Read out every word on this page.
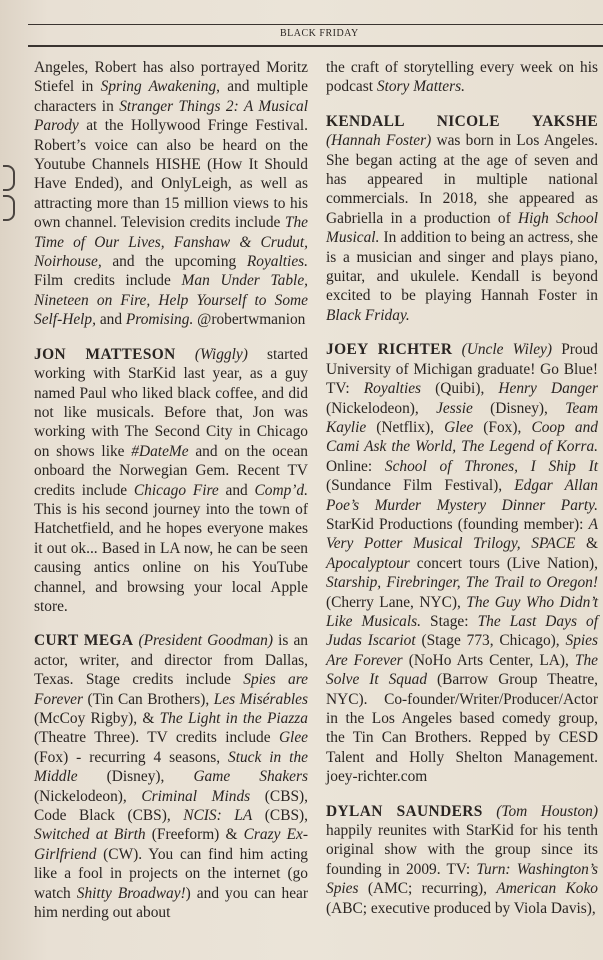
BLACK FRIDAY

Angeles, Robert has also portrayed Moritz Stiefel in Spring Awakening, and multiple characters in Stranger Things 2: A Musical Parody at the Hollywood Fringe Festival. Robert’s voice can also be heard on the Youtube Channels HISHE (How It Should Have Ended), and OnlyLeigh, as well as attracting more than 15 million views to his own channel. Television credits include The Time of Our Lives, Fanshaw & Crudut, Noirhouse, and the upcoming Royalties. Film credits include Man Under Table, Nineteen on Fire, Help Yourself to Some Self-Help, and Promising. @robertwmanion

JON MATTESON (Wiggly) started working with StarKid last year, as a guy named Paul who liked black coffee, and did not like musicals. Before that, Jon was working with The Second City in Chicago on shows like #DateMe and on the ocean onboard the Norwegian Gem. Recent TV credits include Chicago Fire and Comp’d. This is his second journey into the town of Hatchetfield, and he hopes everyone makes it out ok... Based in LA now, he can be seen causing antics online on his YouTube channel, and browsing your local Apple store.

CURT MEGA (President Goodman) is an actor, writer, and director from Dallas, Texas. Stage credits include Spies are Forever (Tin Can Brothers), Les Misérables (McCoy Rigby), & The Light in the Piazza (Theatre Three). TV credits include Glee (Fox) - recurring 4 seasons, Stuck in the Middle (Disney), Game Shakers (Nickelodeon), Criminal Minds (CBS), Code Black (CBS), NCIS: LA (CBS), Switched at Birth (Freeform) & Crazy Ex-Girlfriend (CW). You can find him acting like a fool in projects on the internet (go watch Shitty Broadway!) and you can hear him nerding out about

the craft of storytelling every week on his podcast Story Matters.

KENDALL NICOLE YAKSHE (Hannah Foster) was born in Los Angeles. She began acting at the age of seven and has appeared in multiple national commercials. In 2018, she appeared as Gabriella in a production of High School Musical. In addition to being an actress, she is a musician and singer and plays piano, guitar, and ukulele. Kendall is beyond excited to be playing Hannah Foster in Black Friday.

JOEY RICHTER (Uncle Wiley) Proud University of Michigan graduate! Go Blue! TV: Royalties (Quibi), Henry Danger (Nickelodeon), Jessie (Disney), Team Kaylie (Netflix), Glee (Fox), Coop and Cami Ask the World, The Legend of Korra. Online: School of Thrones, I Ship It (Sundance Film Festival), Edgar Allan Poe’s Murder Mystery Dinner Party. StarKid Productions (founding member): A Very Potter Musical Trilogy, SPACE & Apocalyptour concert tours (Live Nation), Starship, Firebringer, The Trail to Oregon! (Cherry Lane, NYC), The Guy Who Didn’t Like Musicals. Stage: The Last Days of Judas Iscariot (Stage 773, Chicago), Spies Are Forever (NoHo Arts Center, LA), The Solve It Squad (Barrow Group Theatre, NYC). Co-founder/Writer/Producer/Actor in the Los Angeles based comedy group, the Tin Can Brothers. Repped by CESD Talent and Holly Shelton Management. joey-richter.com

DYLAN SAUNDERS (Tom Houston) happily reunites with StarKid for his tenth original show with the group since its founding in 2009. TV: Turn: Washington’s Spies (AMC; recurring), American Koko (ABC; executive produced by Viola Davis),
